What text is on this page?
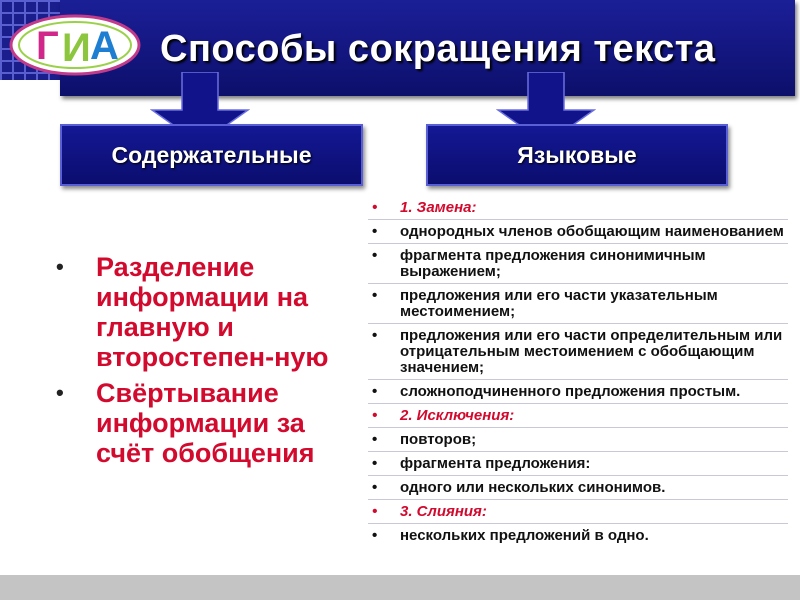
Способы сокращения текста
Г И А
Содержательные	Языковые
• Разделение информации на главную и второстепен-ную
• Свёртывание информации за счёт обобщения
• 1. Замена:
• однородных членов обобщающим наименованием
• фрагмента предложения синонимичным выражением;
• предложения или его части указательным местоимением;
• предложения или его части определительным или отрицательным местоимением с обобщающим значением;
• сложноподчиненного предложения простым.
• 2. Исключения:
• повторов;
• фрагмента предложения:
• одного или нескольких синонимов.
• 3. Слияния:
• нескольких предложений в одно.
